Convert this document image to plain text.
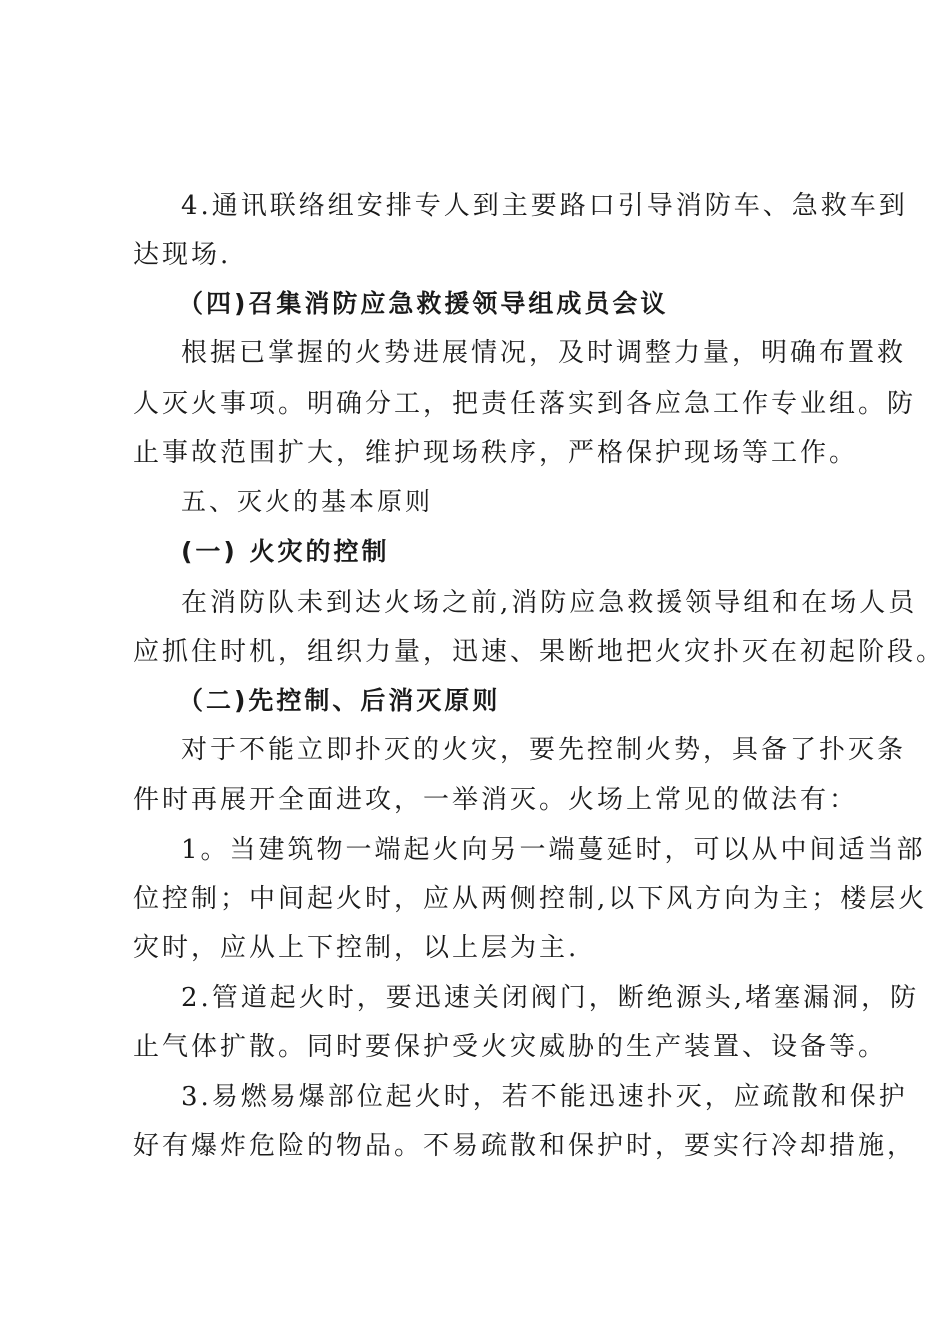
4.通讯联络组安排专人到主要路口引导消防车、急救车到
达现场.
（四)召集消防应急救援领导组成员会议
根据已掌握的火势进展情况，及时调整力量，明确布置救
人灭火事项。明确分工，把责任落实到各应急工作专业组。防
止事故范围扩大，维护现场秩序，严格保护现场等工作。
五、灭火的基本原则
(一) 火灾的控制
在消防队未到达火场之前,消防应急救援领导组和在场人员
应抓住时机，组织力量，迅速、果断地把火灾扑灭在初起阶段。
（二)先控制、后消灭原则
对于不能立即扑灭的火灾，要先控制火势，具备了扑灭条
件时再展开全面进攻，一举消灭。火场上常见的做法有：
1。当建筑物一端起火向另一端蔓延时，可以从中间适当部
位控制；中间起火时，应从两侧控制,以下风方向为主；楼层火
灾时，应从上下控制，以上层为主.
2.管道起火时，要迅速关闭阀门，断绝源头,堵塞漏洞，防
止气体扩散。同时要保护受火灾威胁的生产装置、设备等。
3.易燃易爆部位起火时，若不能迅速扑灭，应疏散和保护
好有爆炸危险的物品。不易疏散和保护时，要实行冷却措施，
